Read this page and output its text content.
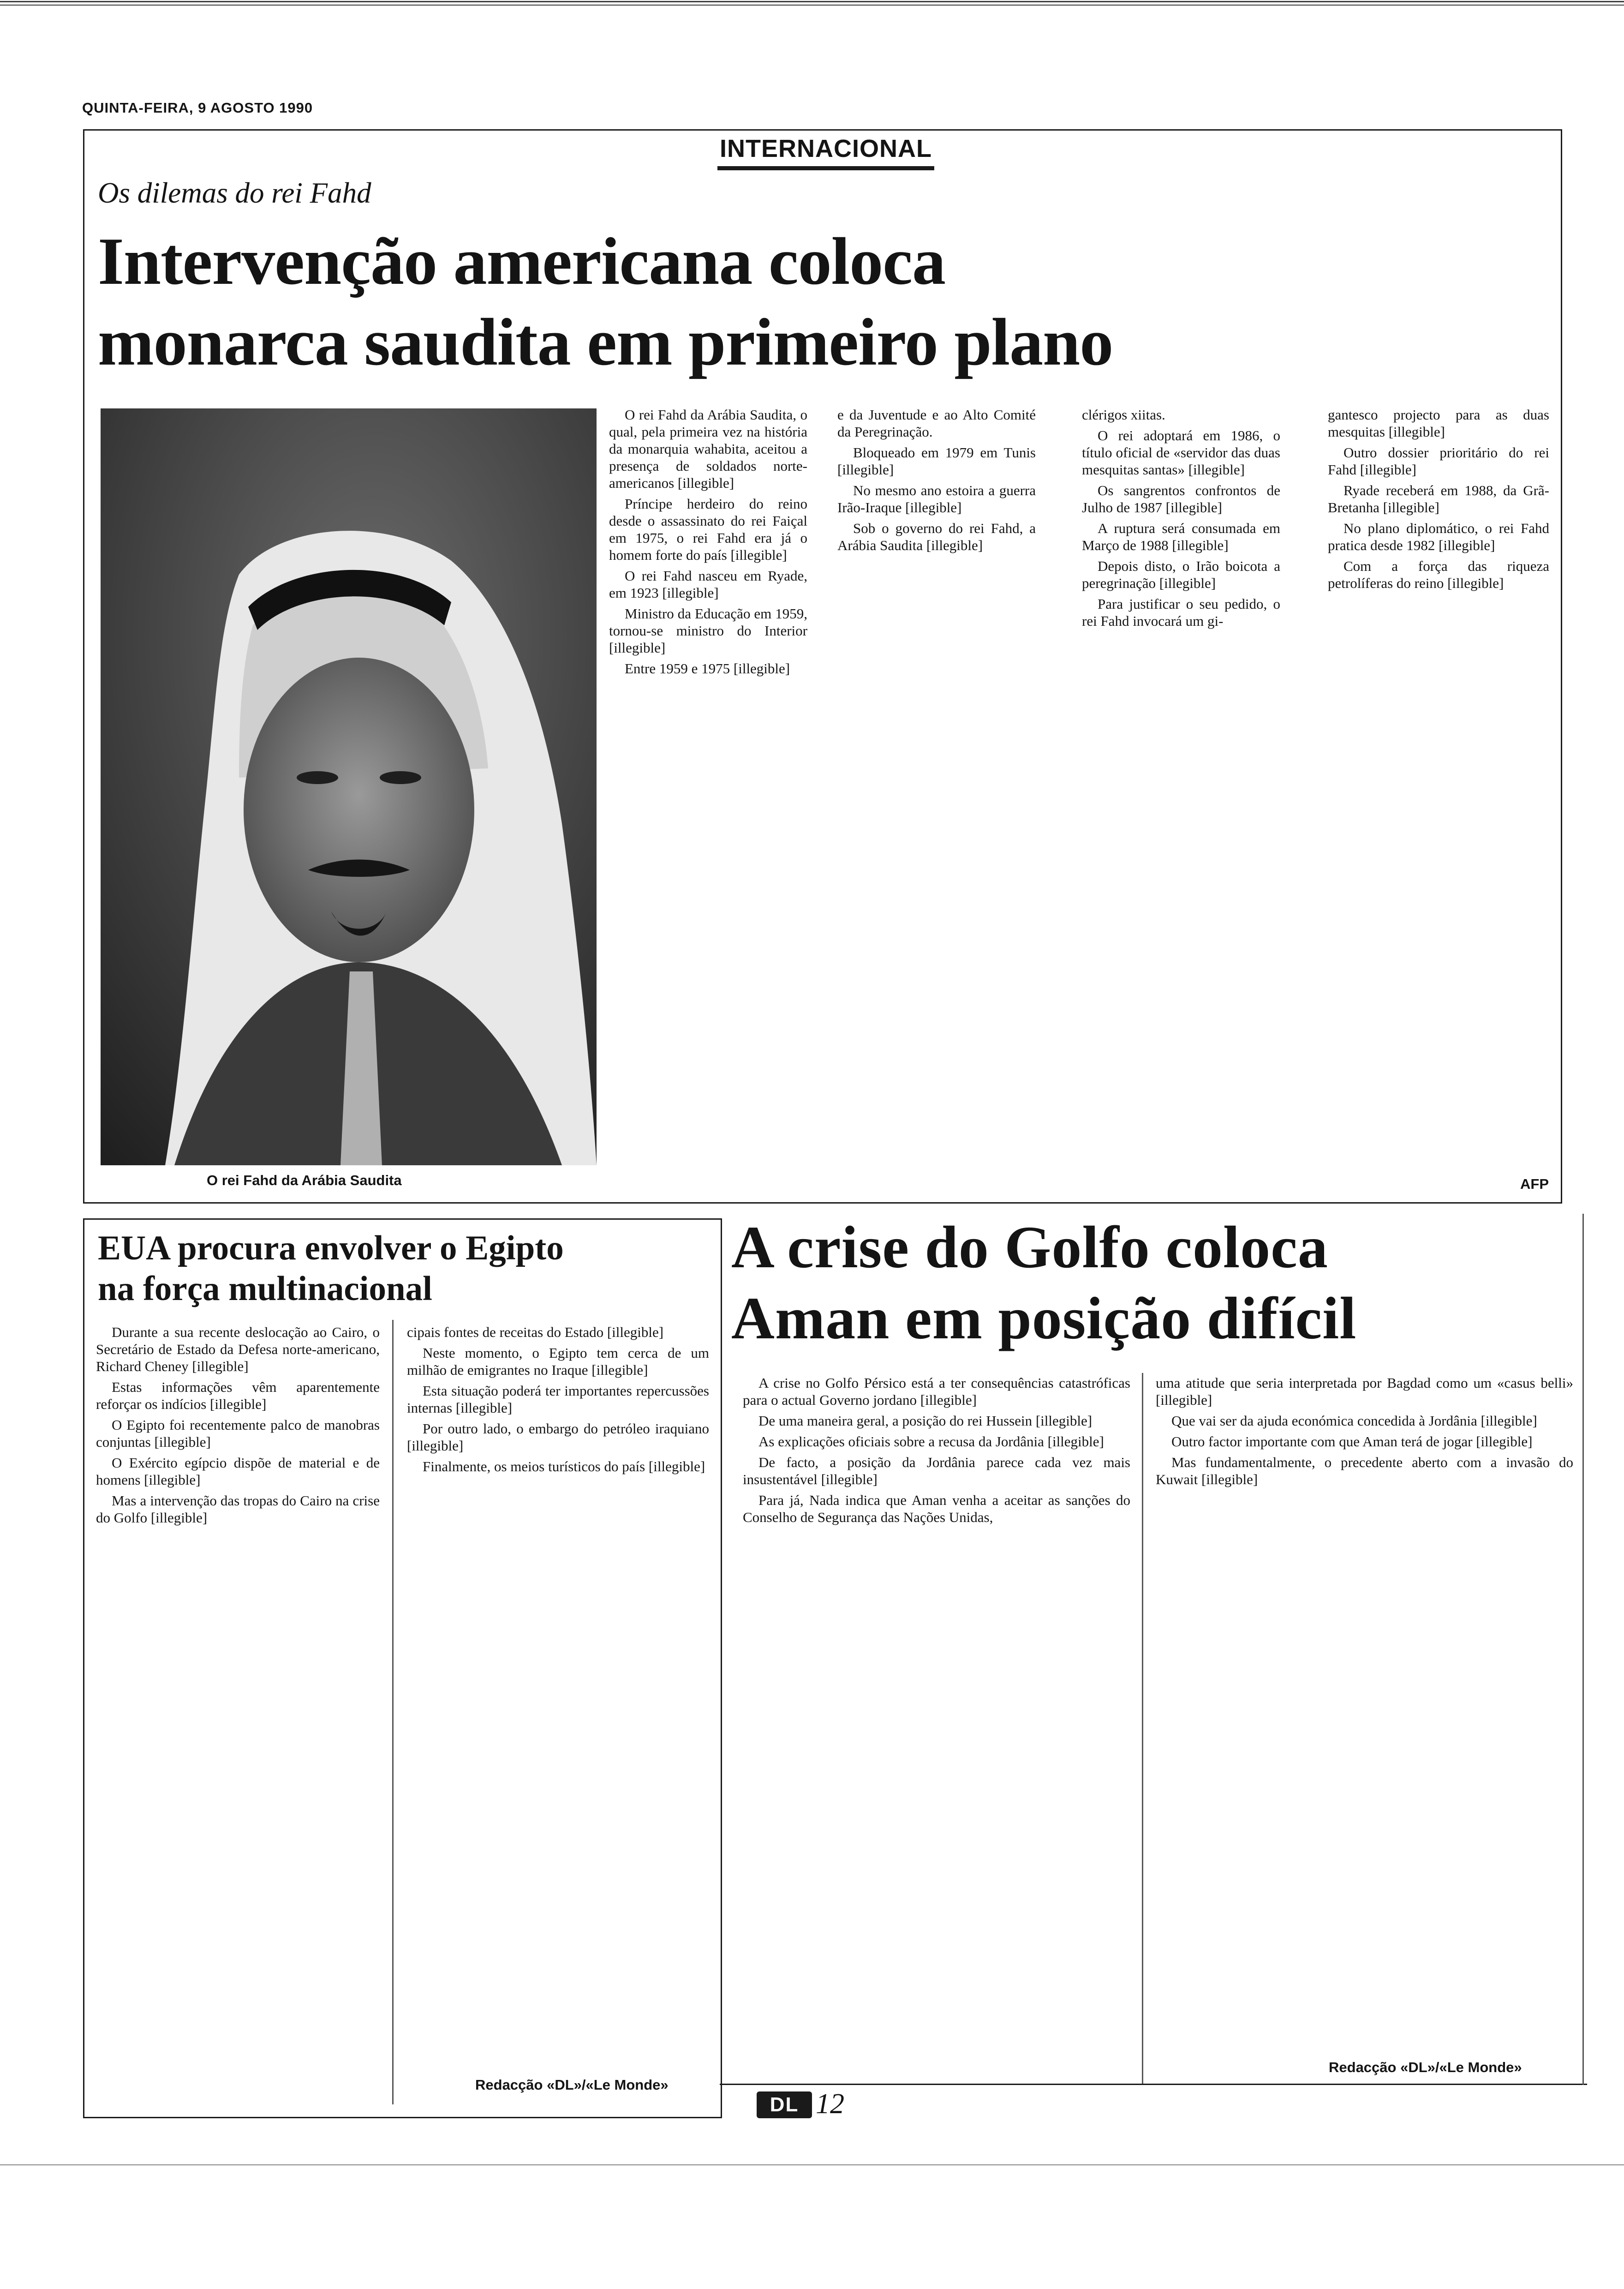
QUINTA-FEIRA, 9 AGOSTO 1990
INTERNACIONAL
Os dilemas do rei Fahd
Intervenção americana coloca
monarca saudita em primeiro plano
O rei Fahd da Arábia Saudita

O rei Fahd da Arábia Saudita, o qual, pela primeira vez na história da monarquia wahabita, aceitou a presença de soldados norte-americanos [illegible]

Príncipe herdeiro do reino desde o assassinato do rei Faiçal em 1975, o rei Fahd era já o homem forte do país [illegible]

O rei Fahd nasceu em Ryade, em 1923 [illegible]

Ministro da Educação em 1959, tornou-se ministro do Interior [illegible]

Entre 1959 e 1975 [illegible]

e da Juventude e ao Alto Comité da Peregrinação.

Bloqueado em 1979 em Tunis [illegible]

No mesmo ano estoira a guerra Irão-Iraque [illegible]

Sob o governo do rei Fahd, a Arábia Saudita [illegible]

clérigos xiitas.

O rei adoptará em 1986, o título oficial de «servidor das duas mesquitas santas» [illegible]

Os sangrentos confrontos de Julho de 1987 [illegible]

A ruptura será consumada em Março de 1988 [illegible]

Depois disto, o Irão boicota a peregrinação [illegible]

Para justificar o seu pedido, o rei Fahd invocará um gi-

gantesco projecto para as duas mesquitas [illegible]

Outro dossier prioritário do rei Fahd [illegible]

Ryade receberá em 1988, da Grã-Bretanha [illegible]

No plano diplomático, o rei Fahd pratica desde 1982 [illegible]

Com a força das riqueza petrolíferas do reino [illegible]

AFP
EUA procura envolver o Egipto
na força multinacional

Durante a sua recente deslocação ao Cairo, o Secretário de Estado da Defesa norte-americano, Richard Cheney [illegible]

Estas informações vêm aparentemente reforçar os indícios [illegible]

O Egipto foi recentemente palco de manobras conjuntas [illegible]

O Exército egípcio dispõe de material e de homens [illegible]

Mas a intervenção das tropas do Cairo na crise do Golfo [illegible]

cipais fontes de receitas do Estado [illegible]

Neste momento, o Egipto tem cerca de um milhão de emigrantes no Iraque [illegible]

Esta situação poderá ter importantes repercussões internas [illegible]

Por outro lado, o embargo do petróleo iraquiano [illegible]

Finalmente, os meios turísticos do país [illegible]

Redacção «DL»/«Le Monde»
A crise do Golfo coloca
Aman em posição difícil

A crise no Golfo Pérsico está a ter consequências catastróficas para o actual Governo jordano [illegible]

De uma maneira geral, a posição do rei Hussein [illegible]

As explicações oficiais sobre a recusa da Jordânia [illegible]

De facto, a posição da Jordânia parece cada vez mais insustentável [illegible]

Para já, Nada indica que Aman venha a aceitar as sanções do Conselho de Segurança das Nações Unidas,

uma atitude que seria interpretada por Bagdad como um «casus belli» [illegible]

Que vai ser da ajuda económica concedida à Jordânia [illegible]

Outro factor importante com que Aman terá de jogar [illegible]

Mas fundamentalmente, o precedente aberto com a invasão do Kuwait [illegible]

Redacção «DL»/«Le Monde»
DL 12
